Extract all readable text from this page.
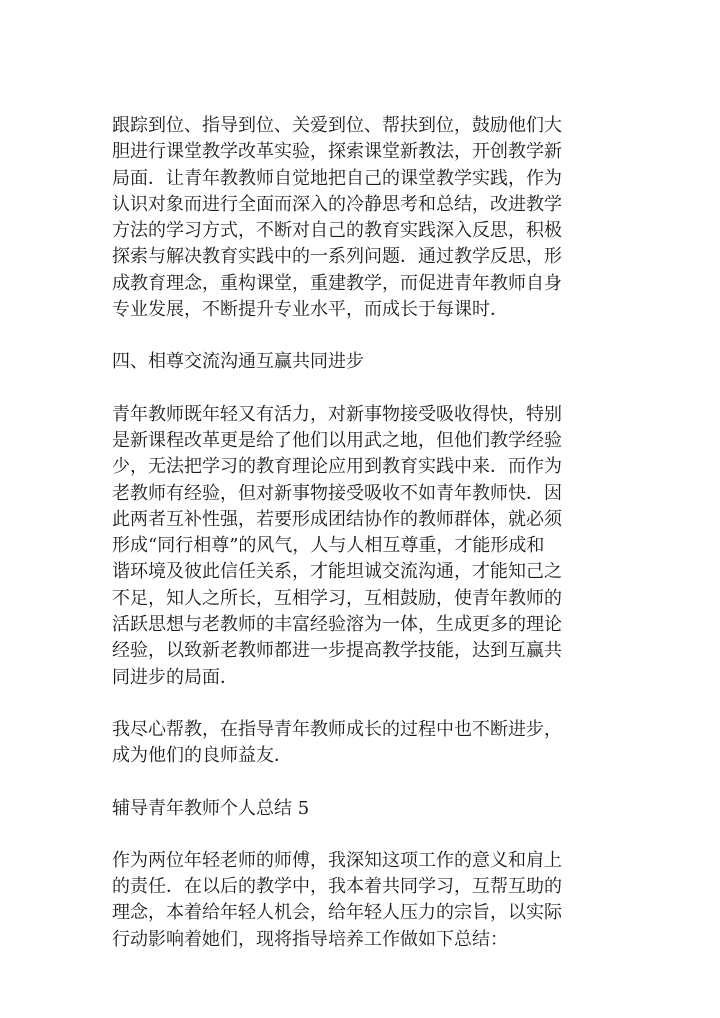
跟踪到位、指导到位、关爱到位、帮扶到位，鼓励他们大
胆进行课堂教学改革实验，探索课堂新教法，开创教学新
局面．让青年教教师自觉地把自己的课堂教学实践，作为
认识对象而进行全面而深入的冷静思考和总结，改进教学
方法的学习方式，不断对自己的教育实践深入反思，积极
探索与解决教育实践中的一系列问题．通过教学反思，形
成教育理念，重构课堂，重建教学，而促进青年教师自身
专业发展，不断提升专业水平，而成长于每课时．
四、相尊交流沟通互赢共同进步
青年教师既年轻又有活力，对新事物接受吸收得快，特别
是新课程改革更是给了他们以用武之地，但他们教学经验
少，无法把学习的教育理论应用到教育实践中来．而作为
老教师有经验，但对新事物接受吸收不如青年教师快．因
此两者互补性强，若要形成团结协作的教师群体，就必须
形成“同行相尊”的风气，人与人相互尊重，才能形成和
谐环境及彼此信任关系，才能坦诚交流沟通，才能知己之
不足，知人之所长，互相学习，互相鼓励，使青年教师的
活跃思想与老教师的丰富经验溶为一体，生成更多的理论
经验，以致新老教师都进一步提高教学技能，达到互赢共
同进步的局面．
我尽心帮教，在指导青年教师成长的过程中也不断进步，
成为他们的良师益友．
辅导青年教师个人总结 5
作为两位年轻老师的师傅，我深知这项工作的意义和肩上
的责任．在以后的教学中，我本着共同学习，互帮互助的
理念，本着给年轻人机会，给年轻人压力的宗旨，以实际
行动影响着她们，现将指导培养工作做如下总结：
